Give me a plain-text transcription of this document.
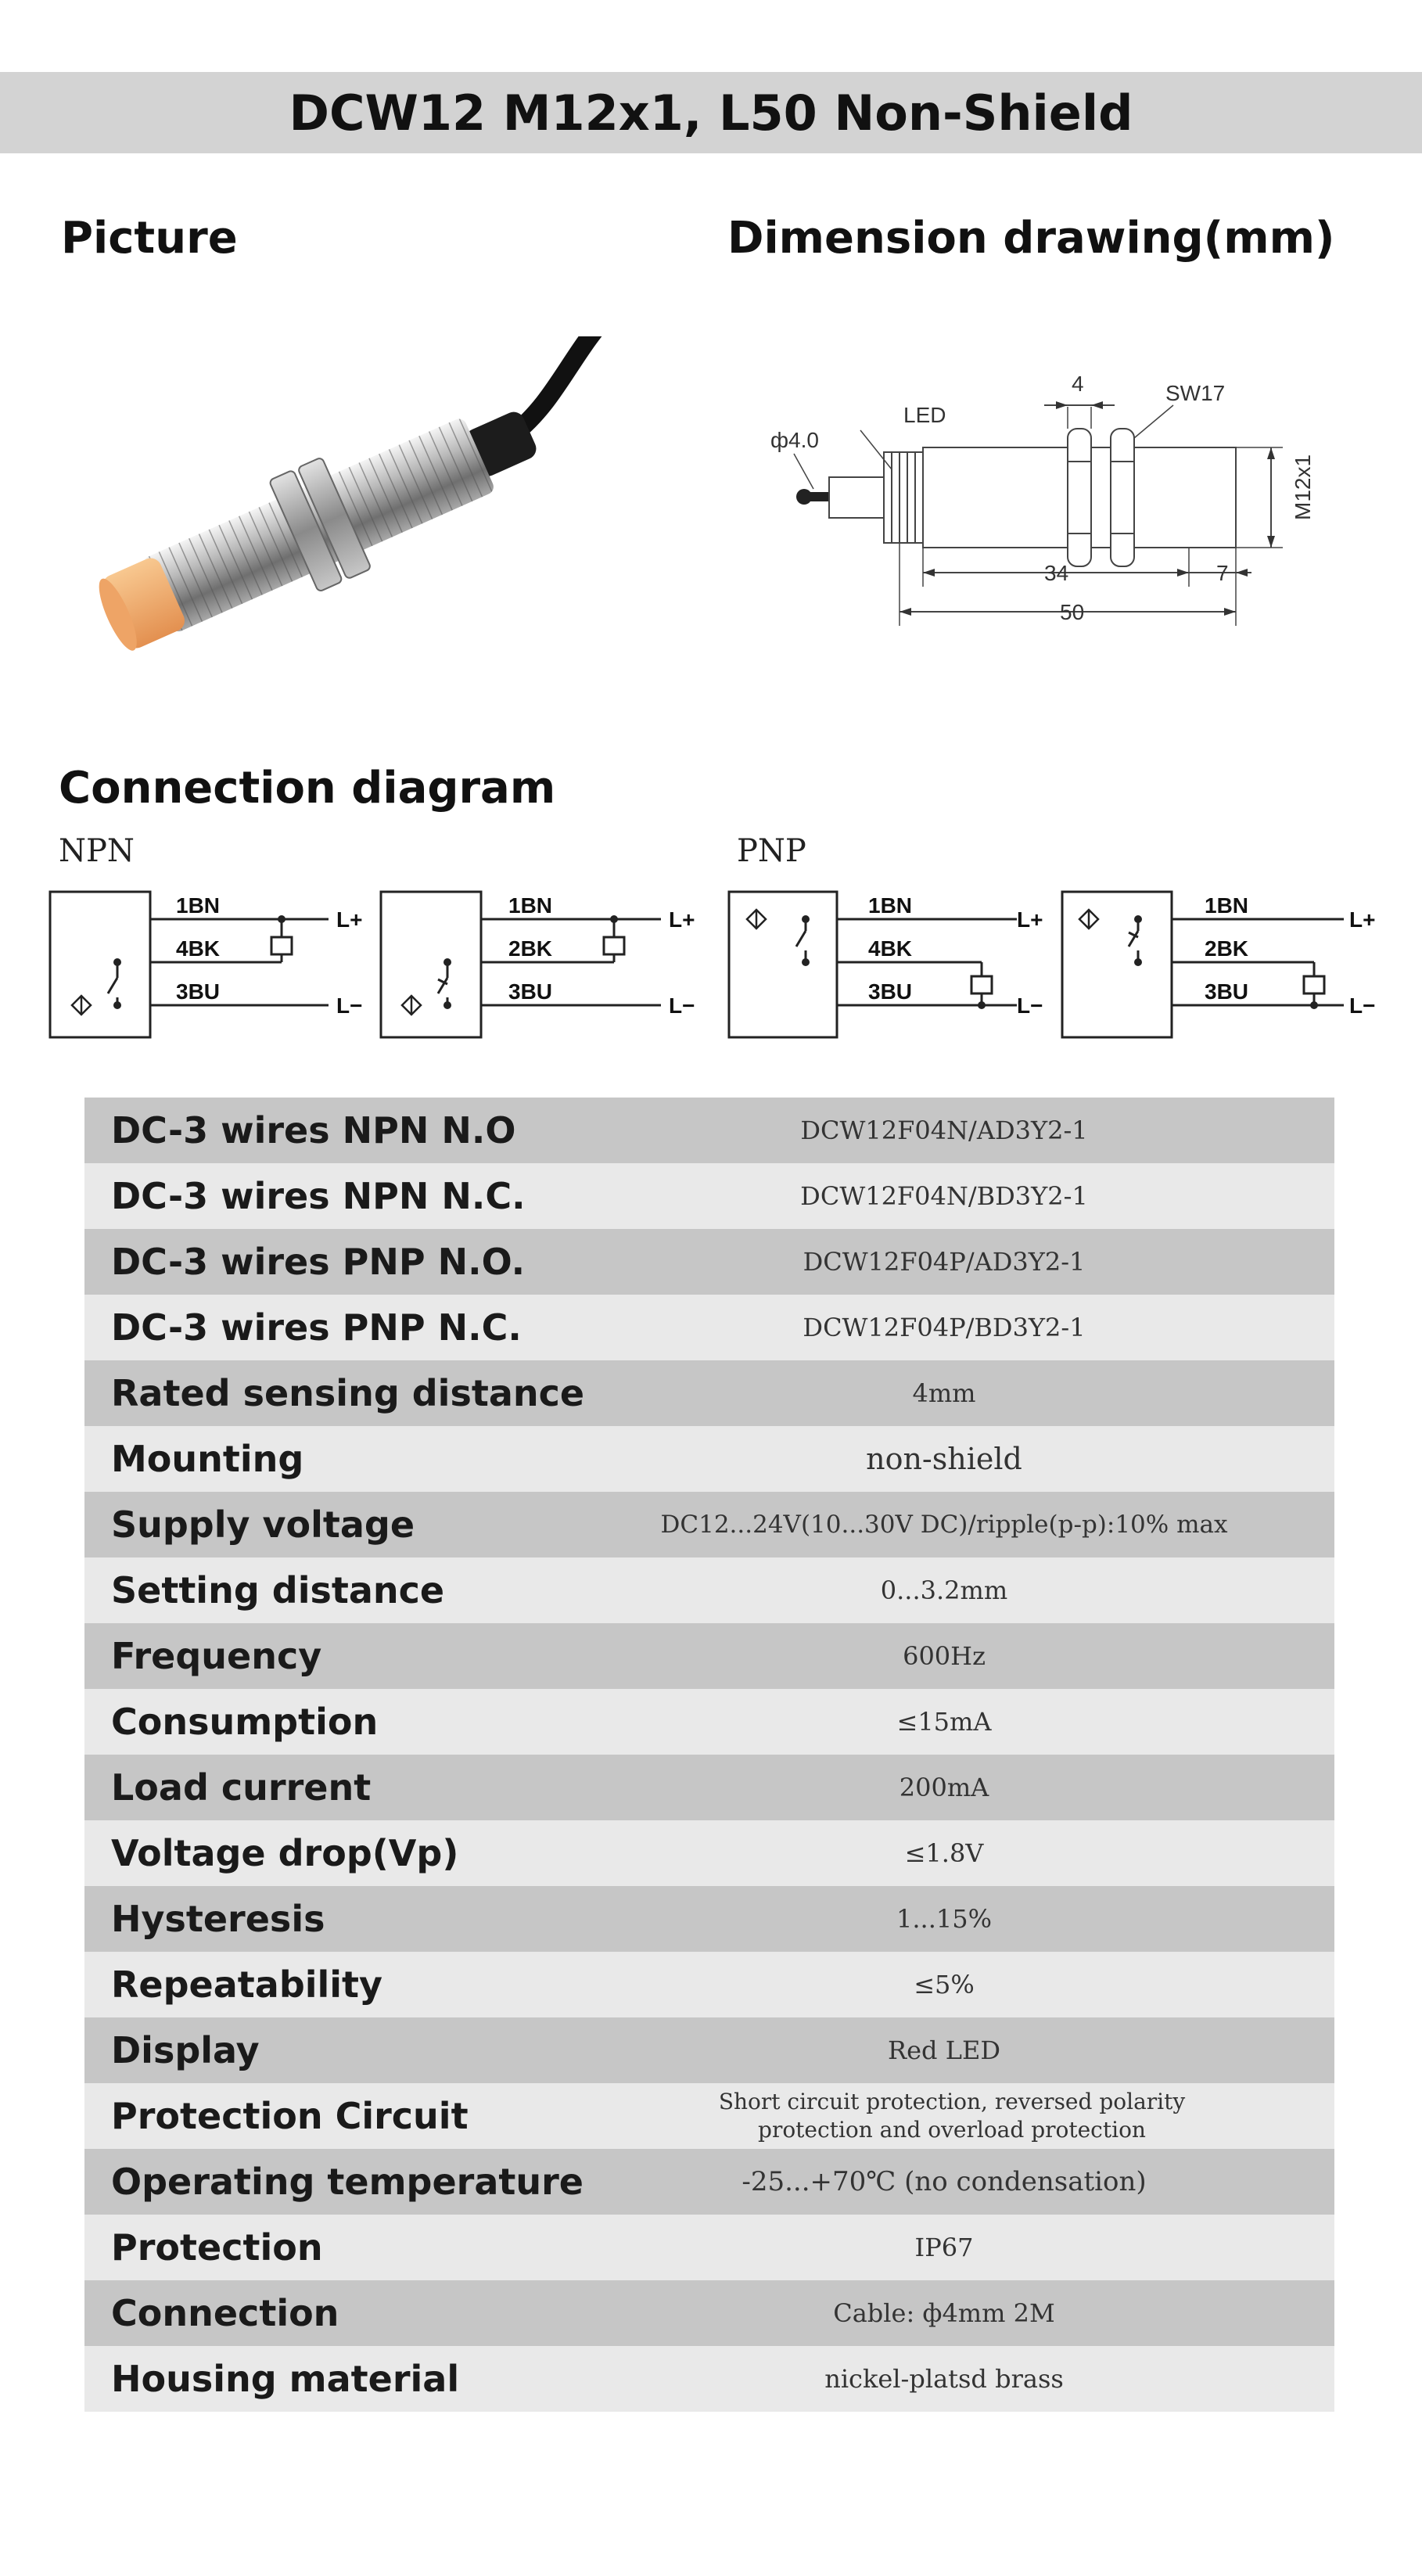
DCW12 M12x1, L50 Non-Shield
Picture	Dimension drawing(mm)
ф4.0
LED
4	SW17
34	7
50
M12x1
Connection diagram
NPN	PNP
1BN
4BK
3BU
L+
L−
1BN
2BK
3BU
L+
L−
1BN
4BK
3BU
L+
L−
1BN
2BK
3BU
L+
L−
DC-3 wires NPN N.O	DCW12F04N/AD3Y2-1
DC-3 wires NPN N.C.	DCW12F04N/BD3Y2-1
DC-3 wires PNP N.O.	DCW12F04P/AD3Y2-1
DC-3 wires PNP N.C.	DCW12F04P/BD3Y2-1
Rated sensing distance	4mm
Mounting	non-shield
Supply voltage	DC12...24V(10...30V DC)/ripple(p-p):10% max
Setting distance	0...3.2mm
Frequency	600Hz
Consumption	≤15mA
Load current	200mA
Voltage drop(Vp)	≤1.8V
Hysteresis	1...15%
Repeatability	≤5%
Display	Red LED
Protection Circuit	Short circuit protection, reversed polarity protection and overload protection
Operating temperature	-25...+70℃ (no condensation)
Protection	IP67
Connection	Cable: ф4mm 2M
Housing material	nickel-platsd brass
